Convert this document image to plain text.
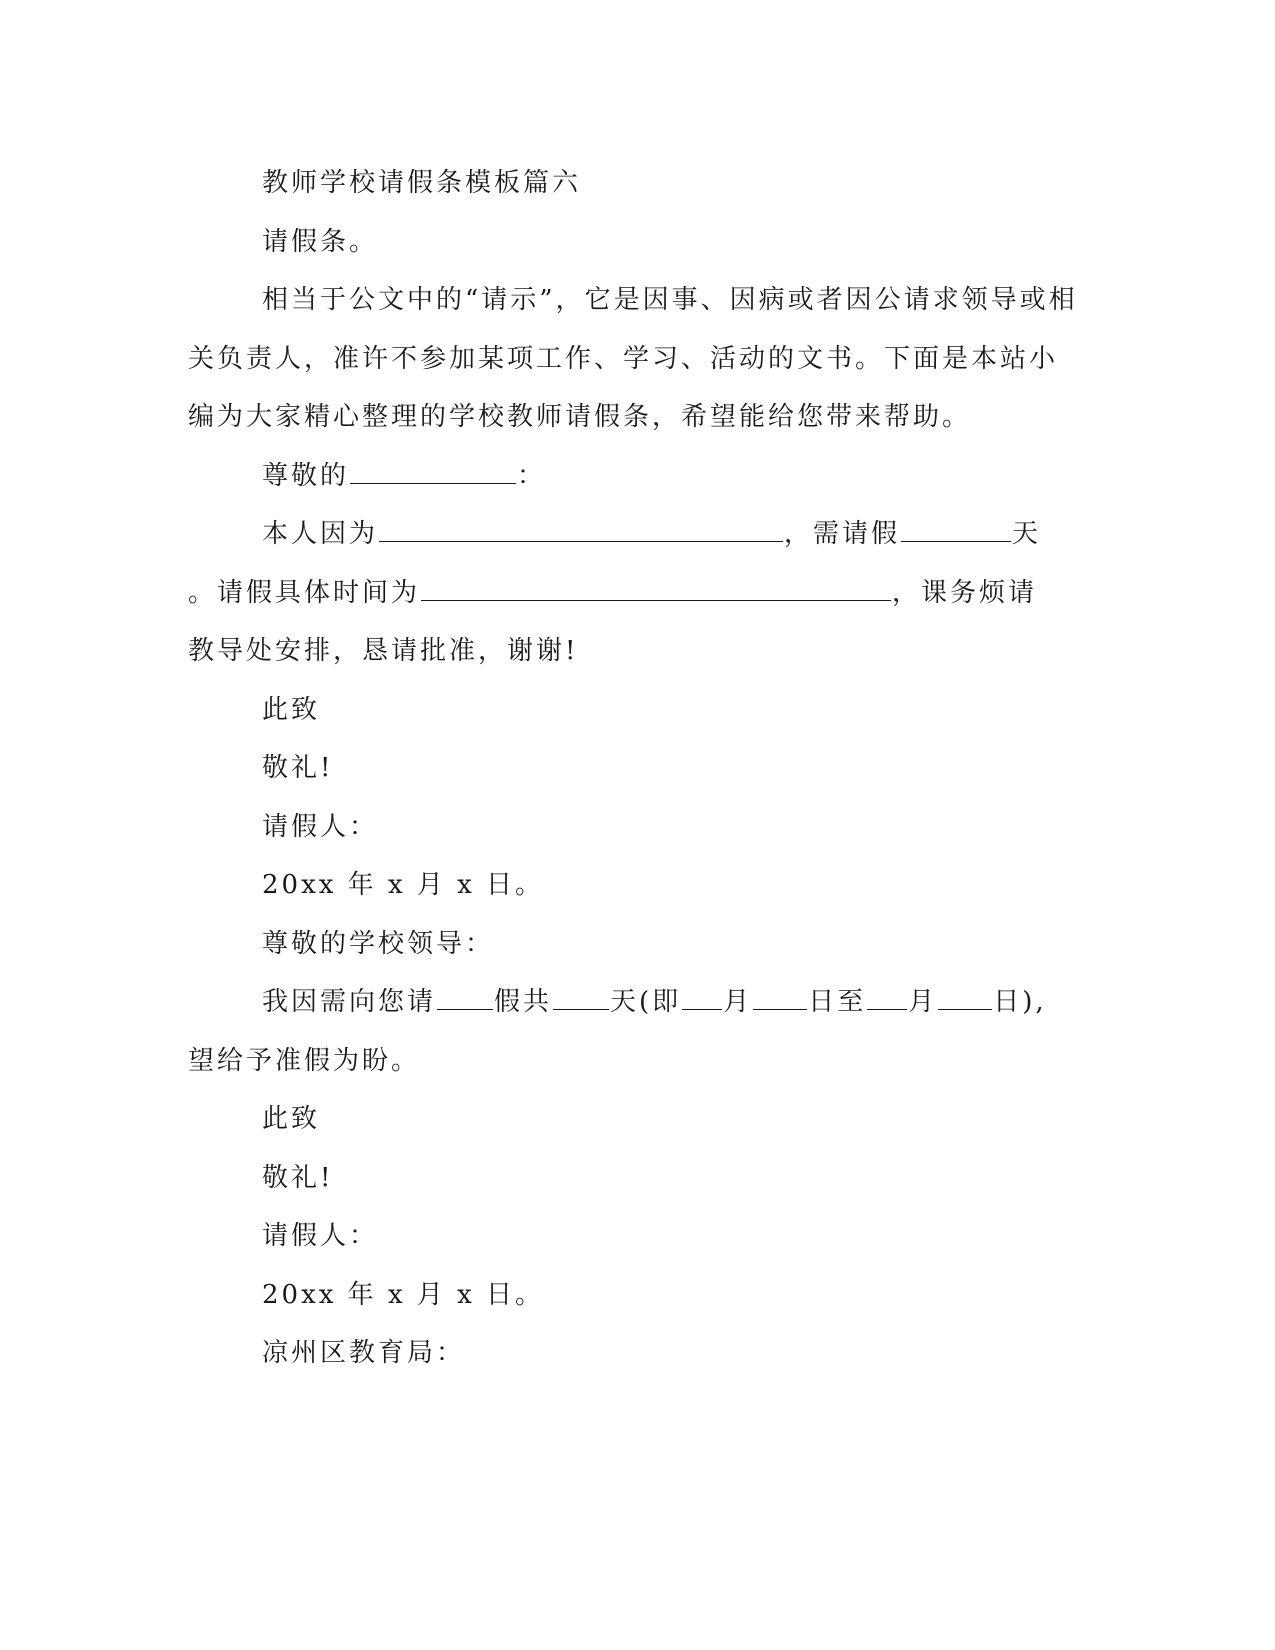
教师学校请假条模板篇六
请假条。
相当于公文中的“请示”，它是因事、因病或者因公请求领导或相
关负责人，准许不参加某项工作、学习、活动的文书。下面是本站小
编为大家精心整理的学校教师请假条，希望能给您带来帮助。
尊敬的	：
本人因为	，需请假	天
。请假具体时间为	，课务烦请
教导处安排，恳请批准，谢谢!
此致
敬礼!
请假人：
20xx 年 x 月 x 日。
尊敬的学校领导：
我因需向您请 假共 天(即 月 日至 月 日),
望给予准假为盼。
此致
敬礼!
请假人：
20xx 年 x 月 x 日。
凉州区教育局：
